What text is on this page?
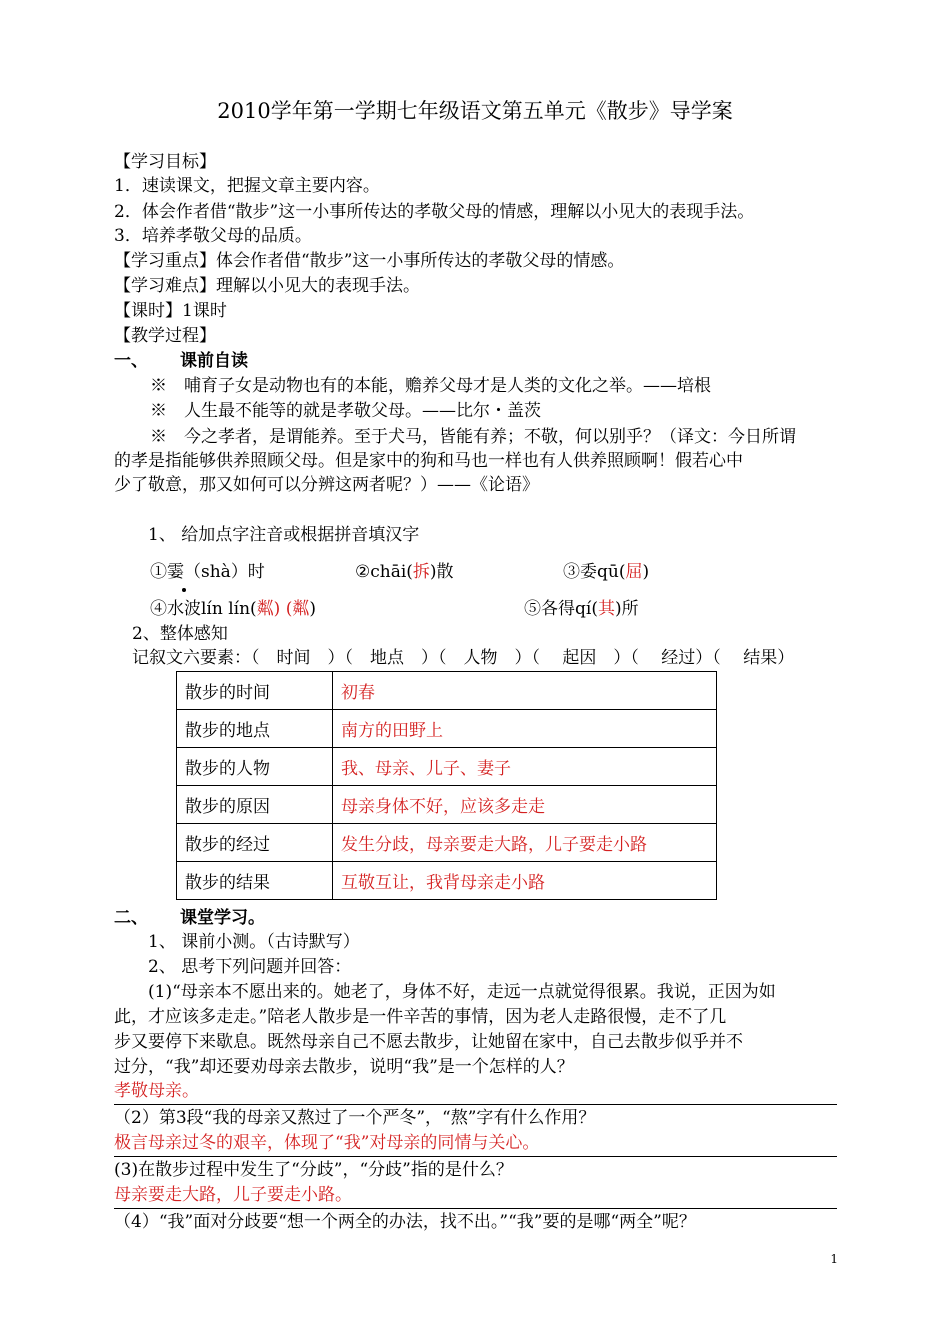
2010学年第一学期七年级语文第五单元《散步》导学案
【学习目标】
1．速读课文，把握文章主要内容。
2．体会作者借“散步”这一小事所传达的孝敬父母的情感，理解以小见大的表现手法。
3．培养孝敬父母的品质。
【学习重点】体会作者借“散步”这一小事所传达的孝敬父母的情感。
【学习难点】理解以小见大的表现手法。
【课时】1课时
【教学过程】
一、 课前自读
※　哺育子女是动物也有的本能，赡养父母才是人类的文化之举。——培根
※　人生最不能等的就是孝敬父母。——比尔・盖茨
※　今之孝者，是谓能养。至于犬马，皆能有养；不敬，何以别乎？（译文：今日所谓
的孝是指能够供养照顾父母。但是家中的狗和马也一样也有人供养照顾啊！假若心中
少了敬意，那又如何可以分辨这两者呢？）——《论语》
1、 给加点字注音或根据拼音填汉字
①霎（shà）时	②chāi(拆)散	③委qū(屈)
④水波lín lín(粼) (粼)	⑤各得qí(其)所
2、整体感知
记叙文六要素：（　时间　）（　地点　）（　人物　）（　 起因　）（　 经过）（　 结果）
散步的时间	初春
散步的地点	南方的田野上
散步的人物	我、母亲、儿子、妻子
散步的原因	母亲身体不好，应该多走走
散步的经过	发生分歧，母亲要走大路，儿子要走小路
散步的结果	互敬互让，我背母亲走小路
二、 课堂学习。
1、 课前小测。（古诗默写）
2、 思考下列问题并回答：
(1)“母亲本不愿出来的。她老了，身体不好，走远一点就觉得很累。我说，正因为如
此，才应该多走走。”陪老人散步是一件辛苦的事情，因为老人走路很慢，走不了几
步又要停下来歇息。既然母亲自己不愿去散步，让她留在家中，自己去散步似乎并不
过分，“我”却还要劝母亲去散步，说明“我”是一个怎样的人？
孝敬母亲。
（2）第3段“我的母亲又熬过了一个严冬”，“熬”字有什么作用？
极言母亲过冬的艰辛，体现了“我”对母亲的同情与关心。
(3)在散步过程中发生了“分歧”，“分歧”指的是什么？
母亲要走大路，儿子要走小路。
（4）“我”面对分歧要“想一个两全的办法，找不出。”“我”要的是哪“两全”呢？
1
